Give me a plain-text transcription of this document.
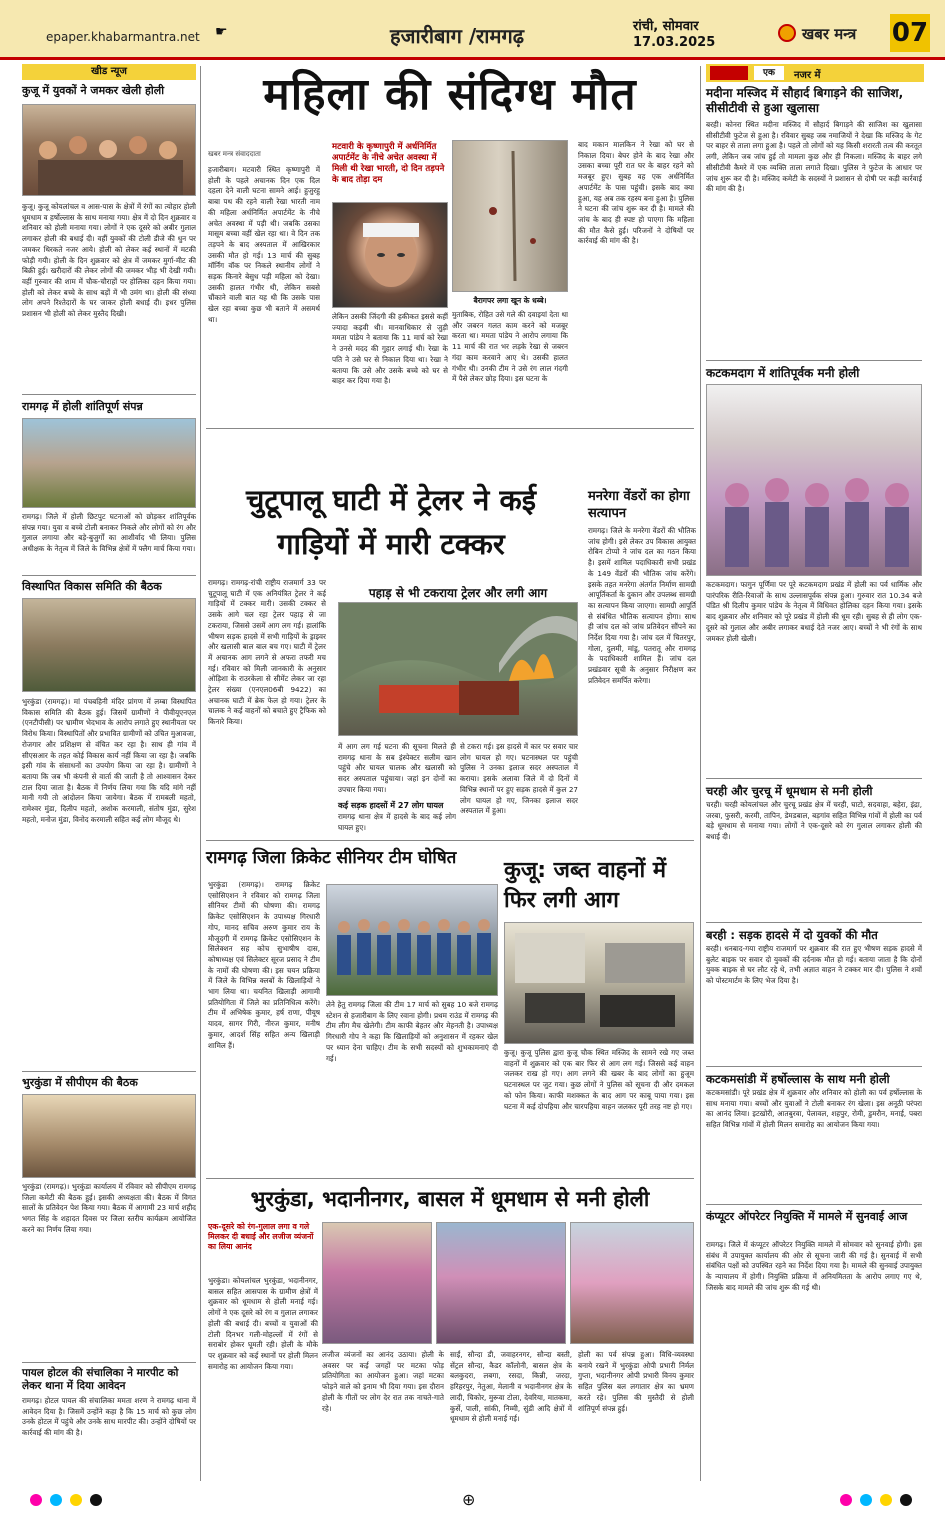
epaper.khabarmantra.net ☛	हजारीबाग /रामगढ़	रांची, सोमवार
17.03.2025	खबर मन्त्र 07
खीड न्यूज
कुजू में युवकों ने जमकर खेली होली
कुजू। कुजू कोयलांचल व आस-पास के क्षेत्रों में रंगों का त्योहार होली धूमधाम व हर्षोल्लास के साथ मनाया गया। क्षेत्र में दो दिन शुक्रवार व शनिवार को होली मनाया गया। लोगों ने एक दूसरे को अबीर गुलाल लगाकर होली की बधाई दी। वहीं युवकों की टोली डीजे की धुन पर जमकर थिरकते नजर आये। होली को लेकर कई स्थानों में मटकी फोड़ी गयी। होली के दिन शुक्रवार को क्षेत्र में जमकर मुर्गा-मीट की बिक्री हुई। खरीदारों की लेकर लोगों की जमकर भीड़ भी देखी गयी। वहीं गुरुवार की शाम में चौक-चौराहों पर होलिका दहन किया गया। होली को लेकर बच्चे के साथ बड़ों में भी उमंग था। होली की संध्या लोग अपने रिश्तेदारों के घर जाकर होली बधाई दी। इधर पुलिस प्रशासन भी होली को लेकर मुस्तैद दिखी।
रामगढ़ में होली शांतिपूर्ण संपन्न
रामगढ़। जिले में होली छिटपुट घटनाओं को छोड़कर शांतिपूर्वक संपन्न गया। युवा व बच्चे टोली बनाकर निकले और लोगों को रंग और गुलाल लगाया और बड़े-बुजुर्गों का आशीर्वाद भी लिया। पुलिस अधीक्षक के नेतृत्व में जिले के विभिन्न क्षेत्रों में फ्लैग मार्च किया गया।
विस्थापित विकास समिति की बैठक
भुरकुंडा (रामगढ़)। मां पंचबहिनी मंदिर प्रांगण में लम्बा विस्थापित विकास समिति की बैठक हुई। जिसमें ग्रामीणों ने पीवीयूएनएल (एनटीपीसी) पर भ्रामीण भेदभाव के आरोप लगाते हुए स्थानीयता पर विरोध किया। विस्थापितों और प्रभावित ग्रामीणों को उचित मुआवजा, रोजगार और प्रशिक्षण से वंचित कर रहा है। साथ ही गांव में सीएसआर के तहत कोई विकास कार्य नहीं किया जा रहा है। जबकि इसी गांव के संसाधनों का उपयोग किया जा रहा है। ग्रामीणों ने बताया कि जब भी कंपनी से वार्ता की जाती है तो आश्वासन देकर टाल दिया जाता है। बैठक में निर्णय लिया गया कि यदि मांगे नहीं मानी गयी तो आंदोलन किया जायेगा। बैठक में रामबली महतो, रामेश्वर मुंडा, दिलीप महतो, अशोक करमाली, संतोष मुंडा, सुरेश महतो, मनोज मुंडा, विनोद करमाली सहित कई लोग मौजूद थे।
भुरकुंडा में सीपीएम की बैठक
भुरकुंडा (रामगढ़)। भुरकुंडा कार्यालय में रविवार को सीपीएम रामगढ़ जिला कमेटी की बैठक हुई। इसकी अध्यक्षता की। बैठक में विगत सालों के प्रतिवेदन पेश किया गया। बैठक में आगामी 23 मार्च शहीद भगत सिंह के शहादत दिवस पर जिला स्तरीय कार्यक्रम आयोजित करने का निर्णय लिया गया।
पायल होटल की संचालिका ने मारपीट को लेकर थाना में दिया आवेदन
रामगढ़। होटल पायल की संचालिका ममता शरण ने रामगढ़ थाना में आवेदन दिया है। जिसमें उन्होंने कहा है कि 15 मार्च को कुछ लोग उनके होटल में पहुंचे और उनके साथ मारपीट की। उन्होंने दोषियों पर कार्रवाई की मांग की है।
महिला की संदिग्ध मौत
खबर मन्त्र संवाददाता
हजारीबाग। मटवारी स्थित कृष्णापुरी में होली के पहले अचानक दिन एक दिल दहला देने वाली घटना सामने आई। हुजुरहु बाबा पथ की रहने वाली रेखा भारती नाम की महिला अर्धनिर्मित अपार्टमेंट के नीचे अचेत अवस्था में पड़ी थी। जबकि उसका मासूम बच्चा वहीं खेल रहा था। वे दिन तक तड़पने के बाद अस्पताल में आखिरकार उसकी मौत हो गई। 13 मार्च की सुबह मॉर्निंग वॉक पर निकले स्थानीय लोगों ने सड़क किनारे बेसुध पड़ी महिला को देखा। उसकी हालत गंभीर थी, लेकिन सबसे चौंकाने वाली बात यह थी कि उसके पास खेल रहा बच्चा कुछ भी बताने में असमर्थ था।
मटवारी के कृष्णापुरी में अर्धनिर्मित अपार्टमेंट के नीचे अचेत अवस्था में मिली थी रेखा भारती, दो दिन तड़पने के बाद तोड़ा दम
लेकिन उसकी जिंदगी की हकीकत इससे कहीं ज्यादा कड़वी थी। मानवाधिकार से जुड़ी ममता पांडेय ने बताया कि 11 मार्च को रेखा ने उनसे मदद की गुहार लगाई थी। रेखा के पति ने उसे घर से निकाल दिया था। रेखा ने बताया कि उसे और उसके बच्चे को घर से बाहर कर दिया गया है।
बैरागपर लगा खून के धब्बे।
मुताबिक, रोहित उसे गले की दवाइयां देता था और जबरन गलत काम करने को मजबूर करता था। ममता पांडेय ने आरोप लगाया कि 11 मार्च की रात भर लड़के रेखा से जबरन गंदा काम करवाने आए थे। उसकी हालत गंभीर थी। उनकी टीम ने उसे रंग लाल गंदगी में पैसे लेकर छोड़ दिया। इस घटना के
बाद मकान मालकिन ने रेखा को घर से निकाल दिया। बेघर होने के बाद रेखा और उसका बच्चा पूरी रात घर के बाहर रहने को मजबूर हुए। सुबह वह एक अर्धनिर्मित अपार्टमेंट के पास पहुंची। इसके बाद क्या हुआ, यह अब तक रहस्य बना हुआ है। पुलिस ने घटना की जांच शुरू कर दी है। मामले की जांच के बाद ही स्पष्ट हो पाएगा कि महिला की मौत कैसे हुई। परिजनों ने दोषियों पर कार्रवाई की मांग की है।
चुटूपालू घाटी में ट्रेलर ने कई गाड़ियों में मारी टक्कर
रामगढ़। रामगढ़-रांची राष्ट्रीय राजमार्ग 33 पर चुटूपालू घाटी में एक अनियंत्रित ट्रेलर ने कई गाड़ियों में टक्कर मारी। उसकी टक्कर से उसके आगे चल रहा ट्रेलर पहाड़ से जा टकराया, जिससे उसमें आग लग गई। हालांकि भीषण सड़क हादसे में सभी गाड़ियों के ड्राइवर और खलासी बाल बाल बच गए। घाटी में ट्रेलर में अचानक आग लगने से अफरा तफरी मच गई। रविवार को मिली जानकारी के अनुसार ओड़िशा के राउरकेला से सीमेंट लेकर जा रहा ट्रेलर संख्या (एनएल06बी 9422) का अचानक घाटी में ब्रेक फेल हो गया। ट्रेलर के चालक ने कई वाहनों को बचाते हुए ट्रैफिक को किनारे किया।
पहाड़ से भी टकराया ट्रेलर और लगी आग
में आग लग गई घटना की सूचना मिलते ही रामगढ़ थाना के सब इंस्पेक्टर सलीम खान पहुंचे और घायल चालक और खलासी को सदर अस्पताल पहुंचाया। जहां इन दोनों का उपचार किया गया।
कई सड़क हादसों में 27 लोग घायल
रामगढ़ थाना क्षेत्र में हादसे के बाद कई लोग घायल हुए।
से टकरा गई। इस हादसे में कार पर सवार चार लोग घायल हो गए। घटनास्थल पर पहुंची पुलिस ने उनका इलाज सदर अस्पताल में कराया। इसके अलावा जिले में दो दिनों में विभिन्न स्थानों पर हुए सड़क हादसे में कुल 27 लोग घायल हो गए, जिनका इलाज सदर अस्पताल में हुआ।
मनरेगा वेंडरों का होगा सत्यापन
रामगढ़। जिले के मनरेगा वेंडरों की भौतिक जांच होगी। इसे लेकर उप विकास आयुक्त रोबिन टोप्पो ने जांच दल का गठन किया है। इसमें शामिल पदाधिकारी सभी प्रखंड के 149 वेंडरों की भौतिक जांच करेंगे। इसके तहत मनरेगा अंतर्गत निर्माण सामग्री आपूर्तिकर्ता के दुकान और उपलब्ध सामग्री का सत्यापन किया जाएगा। सामग्री आपूर्ति से संबंधित भौतिक सत्यापन होगा। साथ ही जांच दल को जांच प्रतिवेदन सौंपने का निर्देश दिया गया है। जांच दल में चितरपुर, गोला, दुलमी, मांडू, पतरातू और रामगढ़ के पदाधिकारी शामिल हैं। जांच दल प्रखंडवार सूची के अनुसार निरीक्षण कर प्रतिवेदन समर्पित करेगा।
रामगढ़ जिला क्रिकेट सीनियर टीम घोषित
भुरकुंडा (रामगढ़)। रामगढ़ क्रिकेट एसोसिएशन ने रविवार को रामगढ़ जिला सीनियर टीमों की घोषणा की। रामगढ़ क्रिकेट एसोसिएशन के उपाध्यक्ष गिरधारी गोप, मानद सचिव अरुण कुमार राय के मौजूदगी में रामगढ़ क्रिकेट एसोसिएशन के सिलेक्शन सह कोच सुभाषीष दास, कोषाध्यक्ष एवं सिलेक्टर सूरज प्रसाद ने टीम के नामों की घोषणा की। इस चयन प्रक्रिया में जिले के विभिन्न क्लबों के खिलाड़ियों ने भाग लिया था। चयनित खिलाड़ी आगामी प्रतियोगिता में जिले का प्रतिनिधित्व करेंगे। टीम में अभिषेक कुमार, हर्ष राणा, पीयूष यादव, सागर गिरी, नीरज कुमार, मनीष कुमार, आदर्श सिंह सहित अन्य खिलाड़ी शामिल हैं।
लेने हेतु रामगढ़ जिला की टीम 17 मार्च को सुबह 10 बजे रामगढ़ स्टेशन से हजारीबाग के लिए रवाना होगी। प्रथम राउंड में रामगढ़ की टीम लीग मैच खेलेगी। टीम काफी बेहतर और मेहनती है। उपाध्यक्ष गिरधारी गोप ने कहा कि खिलाड़ियों को अनुशासन में रहकर खेल पर ध्यान देना चाहिए। टीम के सभी सदस्यों को शुभकामनाएं दी गई।
कुजू: जब्त वाहनों में फिर लगी आग
कुजू। कुजू पुलिस द्वारा कुजू चौक स्थित मस्जिद के सामने रखे गए जब्त वाहनों में शुक्रवार को एक बार फिर से आग लग गई। जिससे कई वाहन जलकर राख हो गए। आग लगने की खबर के बाद लोगों का हुजूम घटनास्थल पर जुट गया। कुछ लोगों ने पुलिस को सूचना दी और दमकल को फोन किया। काफी मशक्कत के बाद आग पर काबू पाया गया। इस घटना में कई दोपहिया और चारपहिया वाहन जलकर पूरी तरह नष्ट हो गए।
भुरकुंडा, भदानीनगर, बासल में धूमधाम से मनी होली
एक-दूसरे को रंग-गुलाल लगा व गले मिलकर दी बधाई और लजीज व्यंजनों का लिया आनंद
भुरकुंडा। कोयलांचल भुरकुंडा, भदानीनगर, बासल सहित आसपास के ग्रामीण क्षेत्रों में शुक्रवार को धूमधाम से होली मनाई गई। लोगों ने एक दूसरे को रंग व गुलाल लगाकर होली की बधाई दी। बच्चों व युवाओं की टोली दिनभर गली-मोहल्लों में रंगों से सराबोर होकर घूमती रही। होली के मौके पर शुक्रवार को कई स्थानों पर होली मिलन समारोह का आयोजन किया गया।
लजीज व्यंजनों का आनंद उठाया। होली के अवसर पर कई जगहों पर मटका फोड़ प्रतियोगिता का आयोजन हुआ। जहां मटका फोड़ने वाले को इनाम भी दिया गया। इस दौरान होली के गीतों पर लोग देर रात तक नाचते-गाते रहे।
साईं, सौन्दा डी, जवाहरनगर, सौन्दा बस्ती, सेंट्रल सौन्दा, कैडर कॉलोनी, बासल क्षेत्र के बलकुदरा, लबगा, रसदा, किन्नी, जरदा, हरिहरपुर, नेतुआ, मेलानी व भदानीनगर क्षेत्र के लादी, चिकोर, मुरूवा टोला, देवरिया, मातकमा, कुर्से, पाली, सांकी, निम्मी, सुंडी आदि क्षेत्रों में धूमधाम से होली मनाई गई।
होली का पर्व संपन्न हुआ। विधि-व्यवस्था बनाये रखने में भुरकुंडा ओपी प्रभारी निर्मल गुप्ता, भदानीनगर ओपी प्रभारी विनय कुमार सहित पुलिस बल लगातार क्षेत्र का भ्रमण करते रहे। पुलिस की मुस्तैदी से होली शांतिपूर्ण संपन्न हुई।
एक	नजर में
मदीना मस्जिद में सौहार्द बिगाड़ने की साजिश, सीसीटीवी से हुआ खुलासा
बरही। कोनरा स्थित मदीना मस्जिद में सौहार्द बिगाड़ने की साजिश का खुलासा सीसीटीवी फुटेज से हुआ है। रविवार सुबह जब नमाजियों ने देखा कि मस्जिद के गेट पर बाहर से ताला लगा हुआ है। पहले तो लोगों को यह किसी शरारती तत्व की करतूत लगी, लेकिन जब जांच हुई तो मामला कुछ और ही निकला। मस्जिद के बाहर लगे सीसीटीवी कैमरे में एक व्यक्ति ताला लगाते दिखा। पुलिस ने फुटेज के आधार पर जांच शुरू कर दी है। मस्जिद कमेटी के सदस्यों ने प्रशासन से दोषी पर कड़ी कार्रवाई की मांग की है।
कटकमदाग में शांतिपूर्वक मनी होली
कटकमदाग। फागुन पूर्णिमा पर पूरे कटकमदाग प्रखंड में होली का पर्व धार्मिक और पारंपरिक रीति-रिवाजों के साथ उल्लासपूर्वक संपन्न हुआ। गुरुवार रात 10.34 बजे पंडित श्री दिलीप कुमार पांडेय के नेतृत्व में विधिवत होलिका दहन किया गया। इसके बाद शुक्रवार और शनिवार को पूरे प्रखंड में होली की धूम रही। सुबह से ही लोग एक-दूसरे को गुलाल और अबीर लगाकर बधाई देते नजर आए। बच्चों ने भी रंगों के साथ जमकर होली खेली।
चरही और चुरचू में धूमधाम से मनी होली
चरही। चरही कोयलांचल और चुरचू प्रखंड क्षेत्र में चरही, घाटो, सदवाहा, बहेरा, इंद्रा, जरबा, फुसरी, करमी, तापिन, डेमडबाल, बड़गांव सहित विभिन्न गांवों में होली का पर्व बड़े धूमधाम से मनाया गया। लोगों ने एक-दूसरे को रंग गुलाल लगाकर होली की बधाई दी।
बरही : सड़क हादसे में दो युवकों की मौत
बरही। धनबाद-गया राष्ट्रीय राजमार्ग पर शुक्रवार की रात हुए भीषण सड़क हादसे में बुलेट बाइक पर सवार दो युवकों की दर्दनाक मौत हो गई। बताया जाता है कि दोनों युवक बाइक से घर लौट रहे थे, तभी अज्ञात वाहन ने टक्कर मार दी। पुलिस ने शवों को पोस्टमार्टम के लिए भेज दिया है।
कटकमसांडी में हर्षोल्लास के साथ मनी होली
कटकमसांडी। पूरे प्रखंड क्षेत्र में शुक्रवार और शनिवार को होली का पर्व हर्षोल्लास के साथ मनाया गया। बच्चों और युवाओं ने टोली बनाकर रंग खेला। इस अनूठी परंपरा का आनंद लिया। इटखोरी, आतबुरवा, पेलावल, शहपुर, रोमी, डुमरौन, मनाई, पबरा सहित विभिन्न गांवों में होली मिलन समारोह का आयोजन किया गया।
कंप्यूटर ऑपरेटर नियुक्ति में मामले में सुनवाई आज
रामगढ़। जिले में कंप्यूटर ऑपरेटर नियुक्ति मामले में सोमवार को सुनवाई होगी। इस संबंध में उपायुक्त कार्यालय की ओर से सूचना जारी की गई है। सुनवाई में सभी संबंधित पक्षों को उपस्थित रहने का निर्देश दिया गया है। मामले की सुनवाई उपायुक्त के न्यायालय में होगी। नियुक्ति प्रक्रिया में अनियमितता के आरोप लगाए गए थे, जिसके बाद मामले की जांच शुरू की गई थी।
⊕
